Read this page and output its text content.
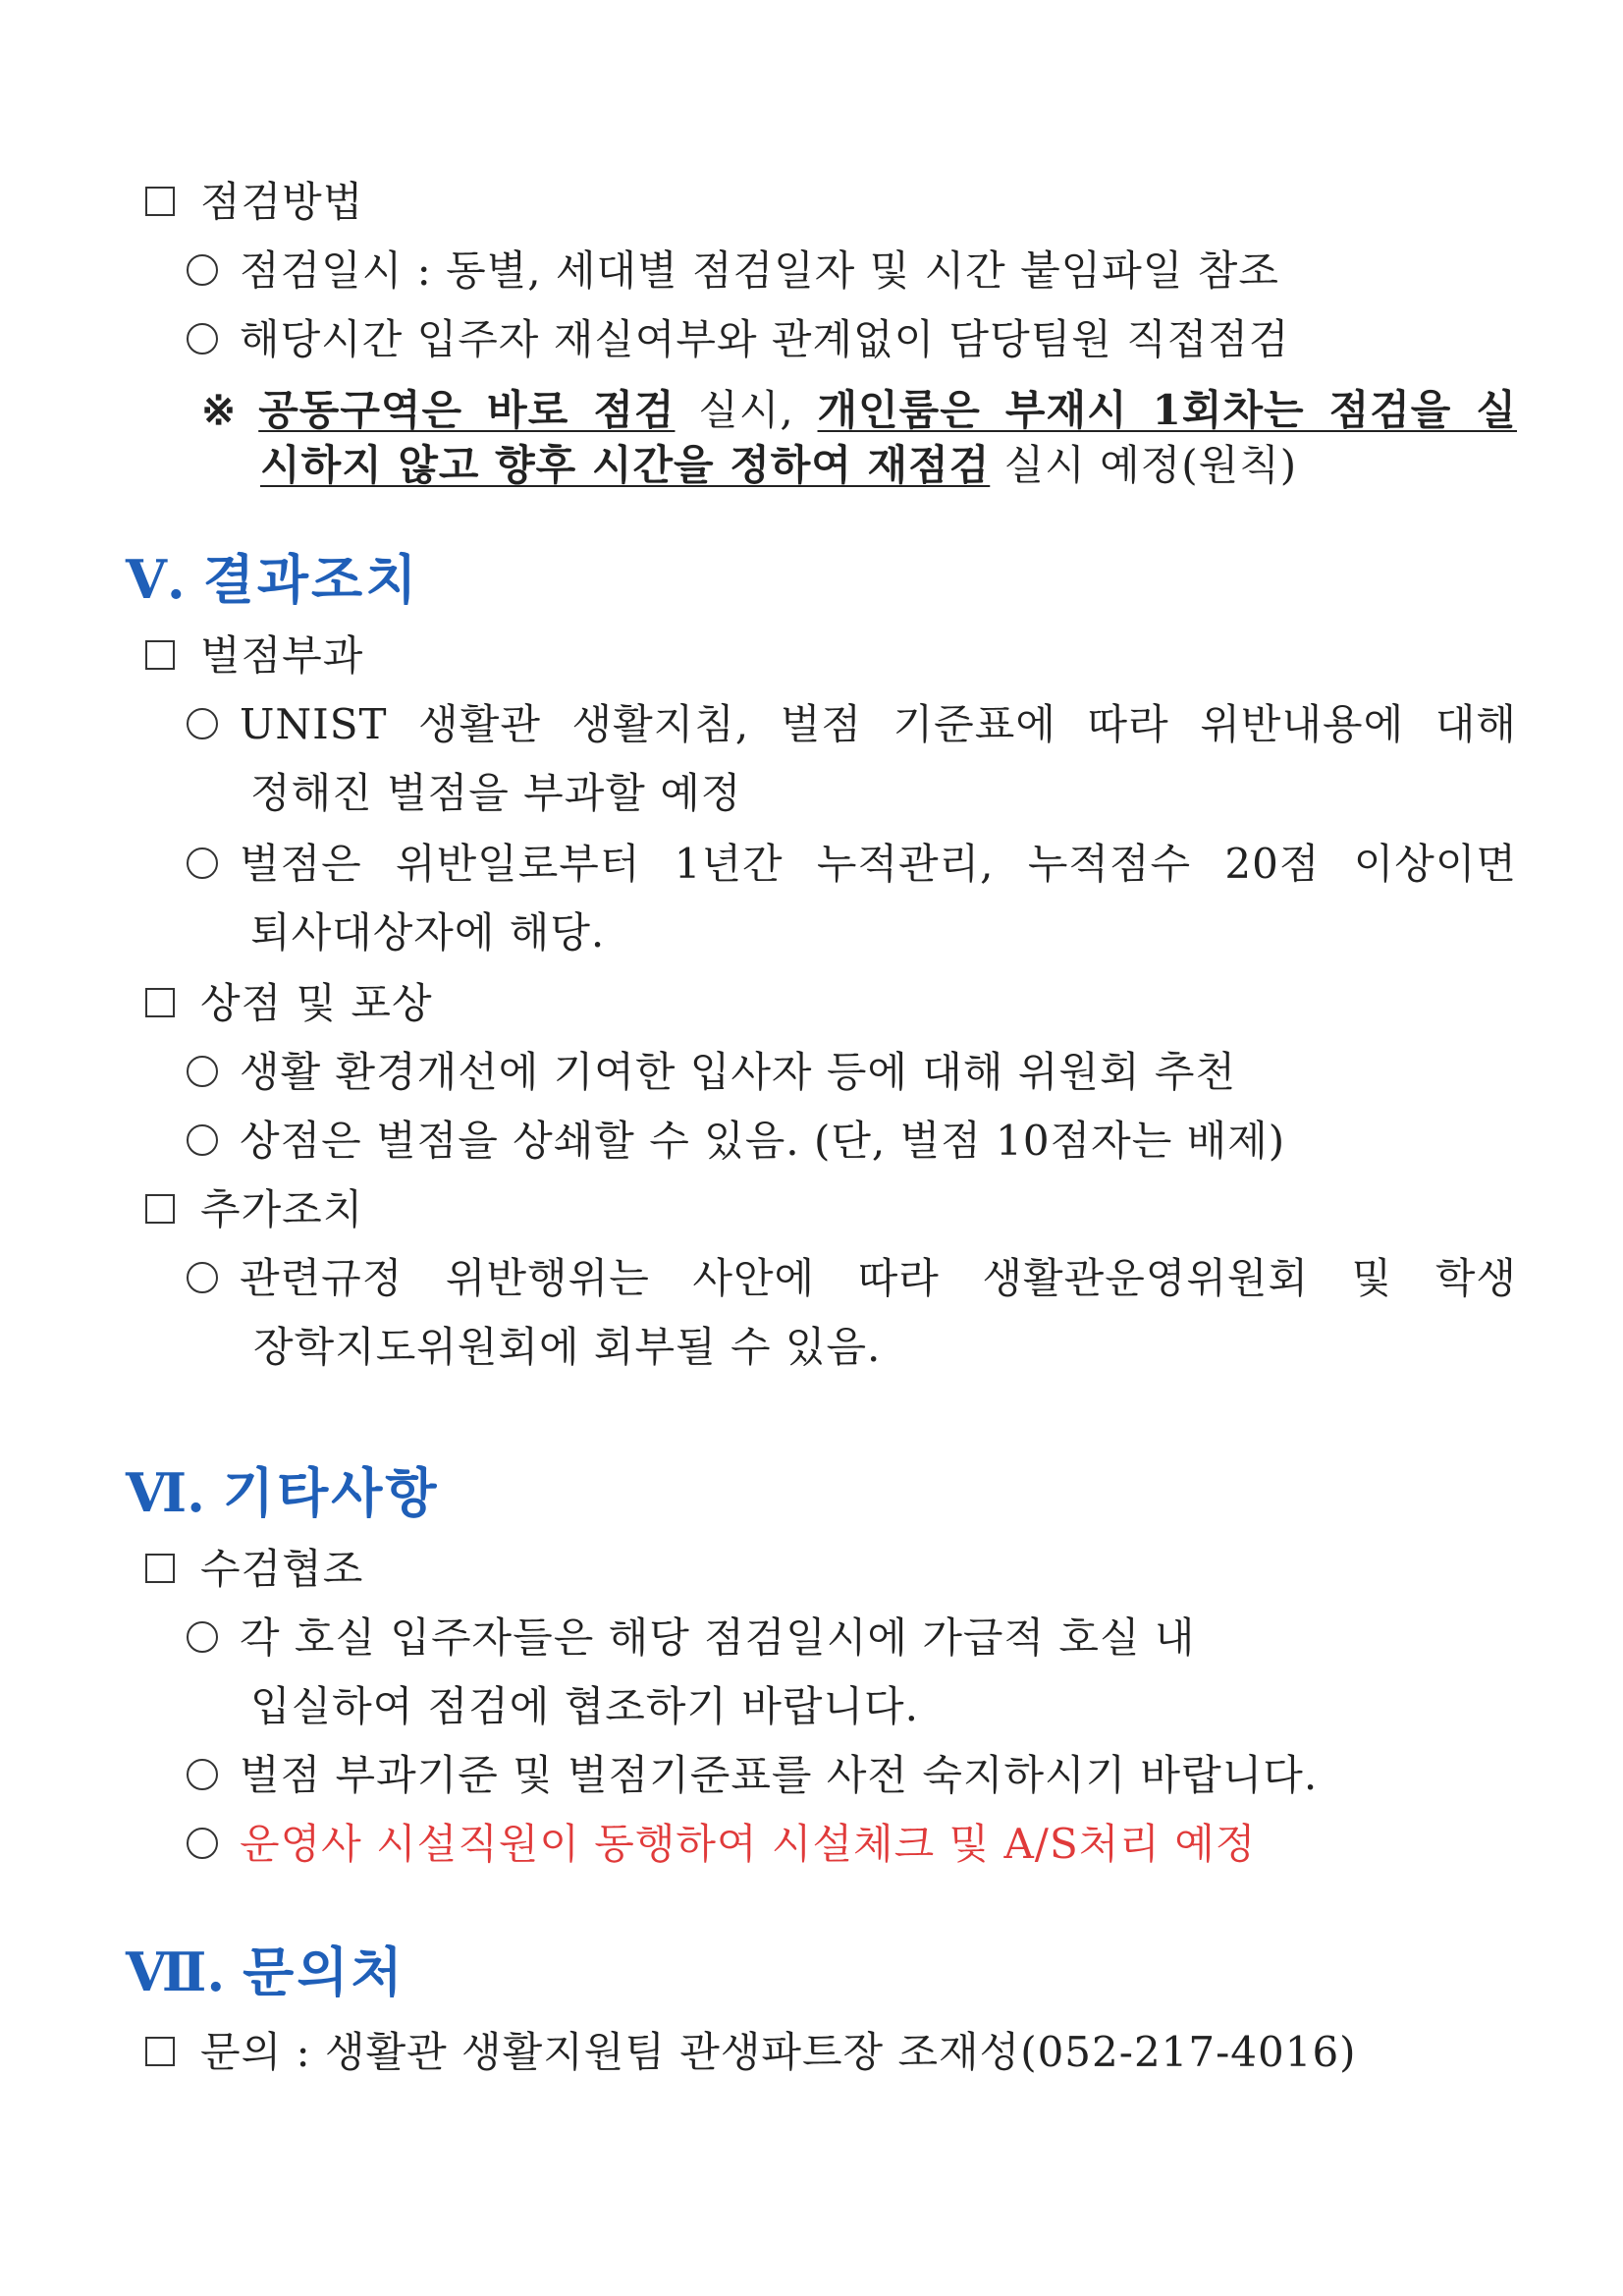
점검방법
점검일시 : 동별, 세대별 점검일자 및 시간 붙임파일 참조
해당시간 입주자 재실여부와 관계없이 담당팀원 직접점검
※ 공동구역은 바로 점검 실시, 개인룸은 부재시 1회차는 점검을 실
시하지 않고 향후 시간을 정하여 재점검 실시 예정(원칙)
Ⅴ. 결과조치
벌점부과
UNIST 생활관 생활지침, 벌점 기준표에 따라 위반내용에 대해
정해진 벌점을 부과할 예정
벌점은 위반일로부터 1년간 누적관리, 누적점수 20점 이상이면
퇴사대상자에 해당.
상점 및 포상
생활 환경개선에 기여한 입사자 등에 대해 위원회 추천
상점은 벌점을 상쇄할 수 있음. (단, 벌점 10점자는 배제)
추가조치
관련규정 위반행위는 사안에 따라 생활관운영위원회 및 학생
장학지도위원회에 회부될 수 있음.
Ⅵ. 기타사항
수검협조
각 호실 입주자들은 해당 점검일시에 가급적 호실 내
입실하여 점검에 협조하기 바랍니다.
벌점 부과기준 및 벌점기준표를 사전 숙지하시기 바랍니다.
운영사 시설직원이 동행하여 시설체크 및 A/S처리 예정
Ⅶ. 문의처
문의 : 생활관 생활지원팀 관생파트장 조재성(052-217-4016)
